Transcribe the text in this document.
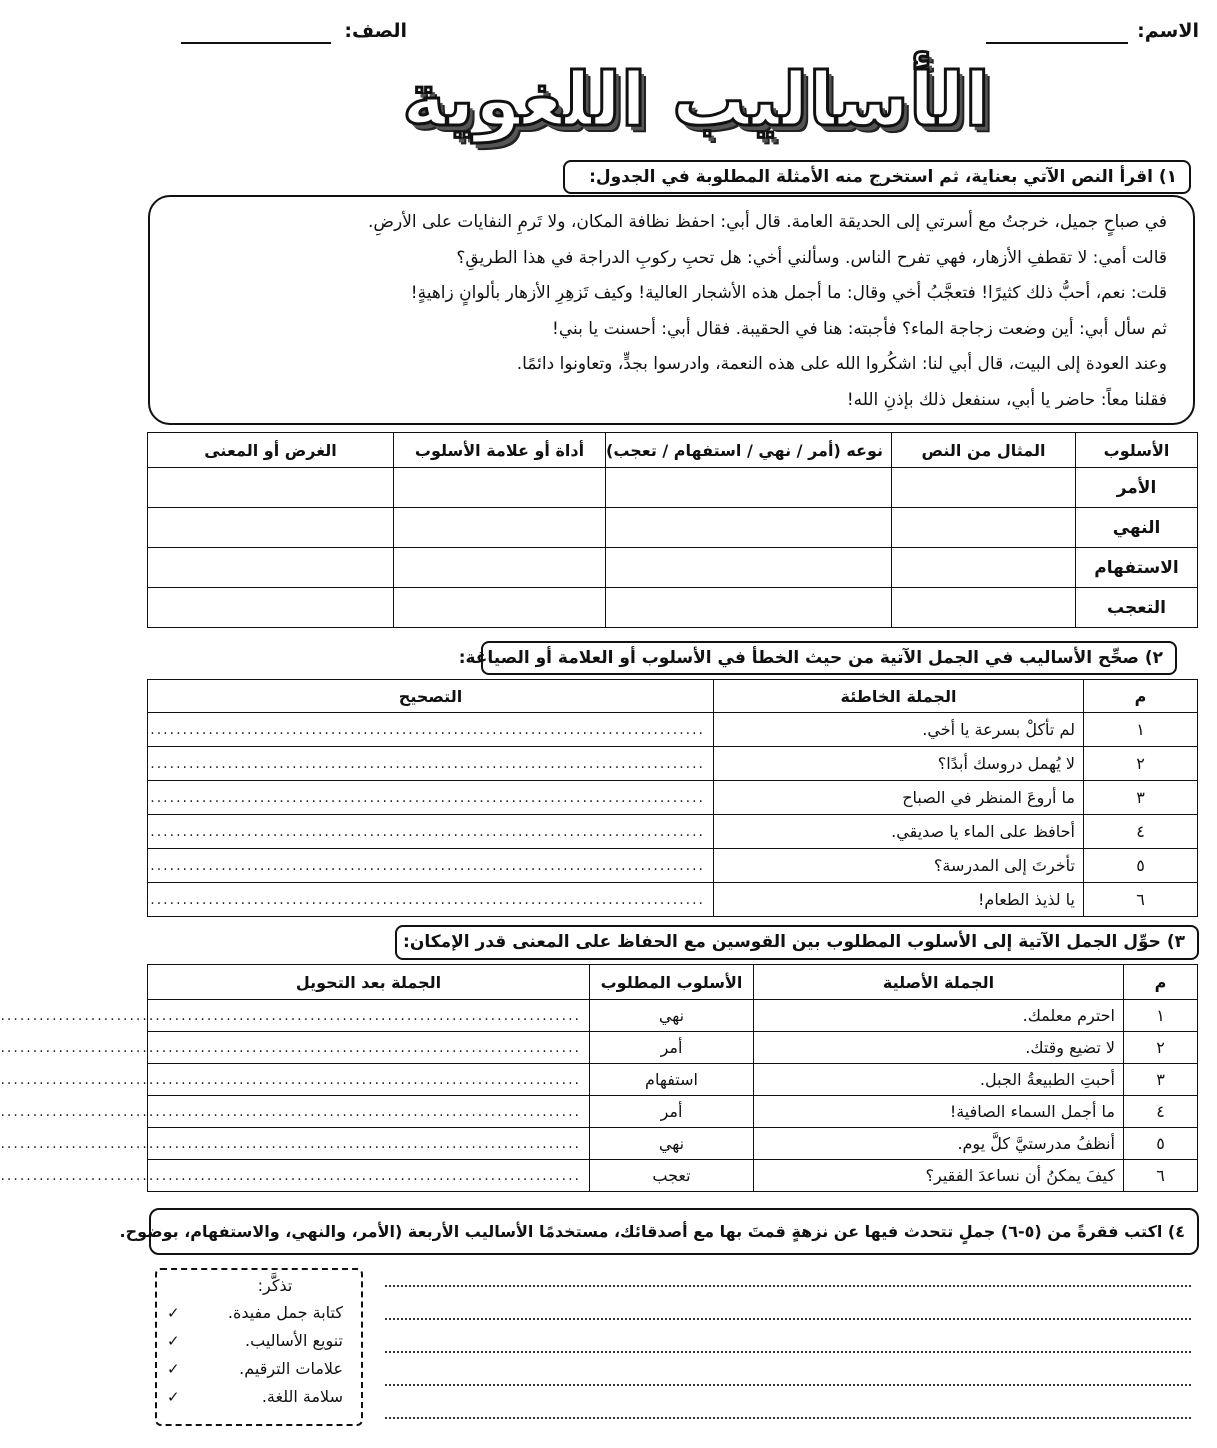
الاسم:
الصف:
الأساليب اللغوية
١) اقرأ النص الآتي بعناية، ثم استخرج منه الأمثلة المطلوبة في الجدول:
في صباحٍ جميل، خرجتُ مع أسرتي إلى الحديقة العامة. قال أبي: احفظ نظافة المكان، ولا تَرمِ النفايات على الأرضِ.
قالت أمي: لا تقطفِ الأزهار، فهي تفرح الناس. وسألني أخي: هل تحبِ ركوبِ الدراجة في هذا الطريقِ؟
قلت: نعم، أحبُّ ذلك كثيرًا! فتعجَّبُ أخي وقال: ما أجمل هذه الأشجار العالية! وكيف تَزهِرِ الأزهار بألوانٍ زاهيةٍ!
ثم سأل أبي: أين وضعت زجاجة الماء؟ فأجبته: هنا في الحقيبة. فقال أبي: أحسنت يا بني!
وعند العودة إلى البيت، قال أبي لنا: اشكُروا الله على هذه النعمة، وادرسوا بجدٍّ، وتعاونوا دائمًا.
فقلنا معاً: حاضر يا أبي، سنفعل ذلك بإذنِ الله!
الأسلوب	المثال من النص	نوعه (أمر / نهي / استفهام / تعجب)	أداة أو علامة الأسلوب	الغرض أو المعنى
الأمر				
النهي				
الاستفهام				
التعجب				
٢) صحِّح الأساليب في الجمل الآتية من حيث الخطأ في الأسلوب أو العلامة أو الصياغة:
م	الجملة الخاطئة	التصحيح
١	لم تأكلْ بسرعة يا أخي.	......................................................................................
٢	لا يُهمل دروسك أبدًا؟	......................................................................................
٣	ما أروعَ المنظر في الصباح	......................................................................................
٤	أحافظ على الماء يا صديقي.	......................................................................................
٥	تأخرتَ إلى المدرسة؟	......................................................................................
٦	يا لذيذ الطعام!	......................................................................................
٣) حوِّل الجمل الآتية إلى الأسلوب المطلوب بين القوسين مع الحفاظ على المعنى قدر الإمكان:
م	الجملة الأصلية	الأسلوب المطلوب	الجملة بعد التحويل
١	احترم معلمك.	نهي	..........................................................................................
٢	لا تضيع وقتك.	أمر	..........................................................................................
٣	أحبتِ الطبيعةُ الجبل.	استفهام	..........................................................................................
٤	ما أجمل السماء الصافية!	أمر	..........................................................................................
٥	أنظفُ مدرستيَّ كلَّ يوم.	نهي	..........................................................................................
٦	كيفَ يمكنُ أن نساعدَ الفقير؟	تعجب	..........................................................................................
٤) اكتب فقرةً من (٥-٦) جملٍ تتحدث فيها عن نزهةٍ قمتَ بها مع أصدقائك، مستخدمًا الأساليب الأربعة (الأمر، والنهي، والاستفهام، بوضوح.
تذكَّر:
كتابة جمل مفيدة.
✓
تنويع الأساليب.
✓
علامات الترقيم.
✓
سلامة اللغة.
✓
